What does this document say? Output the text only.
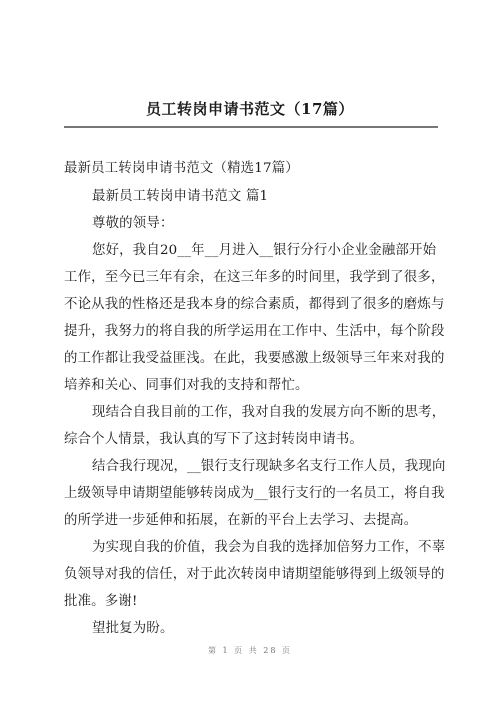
员工转岗申请书范文（17篇）
最新员工转岗申请书范文（精选17篇）
最新员工转岗申请书范文 篇1
尊敬的领导：
您好，我自20__年__月进入__银行分行小企业金融部开始
工作，至今已三年有余，在这三年多的时间里，我学到了很多，
不论从我的性格还是我本身的综合素质，都得到了很多的磨炼与
提升，我努力的将自我的所学运用在工作中、生活中，每个阶段
的工作都让我受益匪浅。在此，我要感激上级领导三年来对我的
培养和关心、同事们对我的支持和帮忙。
现结合自我目前的工作，我对自我的发展方向不断的思考，
综合个人情景，我认真的写下了这封转岗申请书。
结合我行现况，__银行支行现缺多名支行工作人员，我现向
上级领导申请期望能够转岗成为__银行支行的一名员工，将自我
的所学进一步延伸和拓展，在新的平台上去学习、去提高。
为实现自我的价值，我会为自我的选择加倍努力工作，不辜
负领导对我的信任，对于此次转岗申请期望能够得到上级领导的
批准。多谢!
望批复为盼。
第 1 页 共 28 页
